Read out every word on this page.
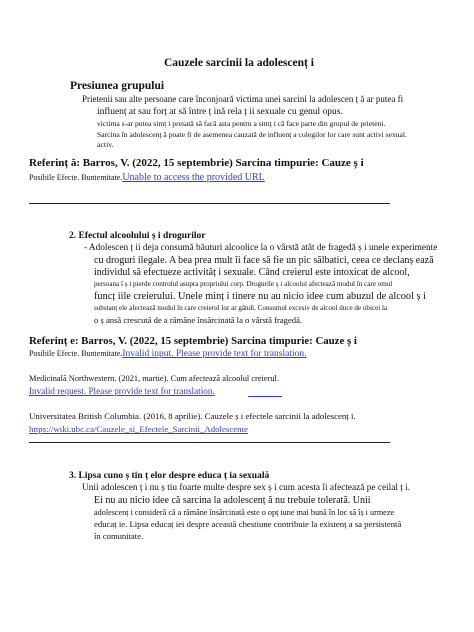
Cauzele sarcinii la adolescenț i
Presiunea grupului
Prietenii sau alte persoane care înconjoară victima unei sarcini la adolescen ț ă ar putea fi
influenț at sau forț at să între ț ină rela ț ii sexuale cu genul opus.
victima s-ar putea simț i presată să facă asta pentru a simț i că face parte din grupul de prieteni.
Sarcina în adolescenț ă poate fi de asemenea cauzată de influenț a colegilor lor care sunt activi sexual.
activ.
Referinț ă: Barros, V. (2022, 15 septembrie) Sarcina timpurie: Cauze ș i
Posibile Efecte. Buntemitate.Unable to access the provided URL
2. Efectul alcoolului ș i drogurilor
- Adolescen ț ii deja consumă băuturi alcoolice la o vârstă atât de fragedă ș i unele experimente
cu droguri ilegale. A bea prea mult îi face să fie un pic sălbatici, ceea ce declanș ează
individul să efectueze activităț i sexuale. Când creierul este intoxicat de alcool,
persoana î ș i pierde controlul asupra propriului corp. Drogurile ș i alcoolul afectează modul în care omul
funcț iile creierului. Unele minț i tinere nu au nicio idee cum abuzul de alcool ș i
substanț ele afectează modul în care creierul lor ar gândi. Consumul excesiv de alcool duce de obicei la
o ș ansă crescută de a rămâne însărcinată la o vârstă fragedă.
Referinț e: Barros, V. (2022, 15 septembrie) Sarcina timpurie: Cauze ș i
Posibile Efecte. Buntemitate.Invalid input. Please provide text for translation.
Medicinală Northwestern. (2021, martie). Cum afectează alcoolul creierul.
Invalid request. Please provide text for translation.
Universitatea British Columbia. (2016, 8 aprilie). Cauzele ș i efectele sarcinii la adolescenț i.
https://wiki.ubc.ca/Cauzele_si_Efectele_Sarcinii_Adolescente
3. Lipsa cuno ș tin ț elor despre educa ț ia sexuală
Unii adolescen ț i nu ș tiu foarte multe despre sex ș i cum acesta îi afectează pe ceilal ț i.
Ei nu au nicio idee că sarcina la adolescenț ă nu trebuie tolerată. Unii
adolescenț i consideră că a rămâne însărcinată este o opț iune mai bună în loc să îș i urmeze
educaț ie. Lipsa educaț iei despre această chestiune contribuie la existenț a sa persistentă
în comunitate.
